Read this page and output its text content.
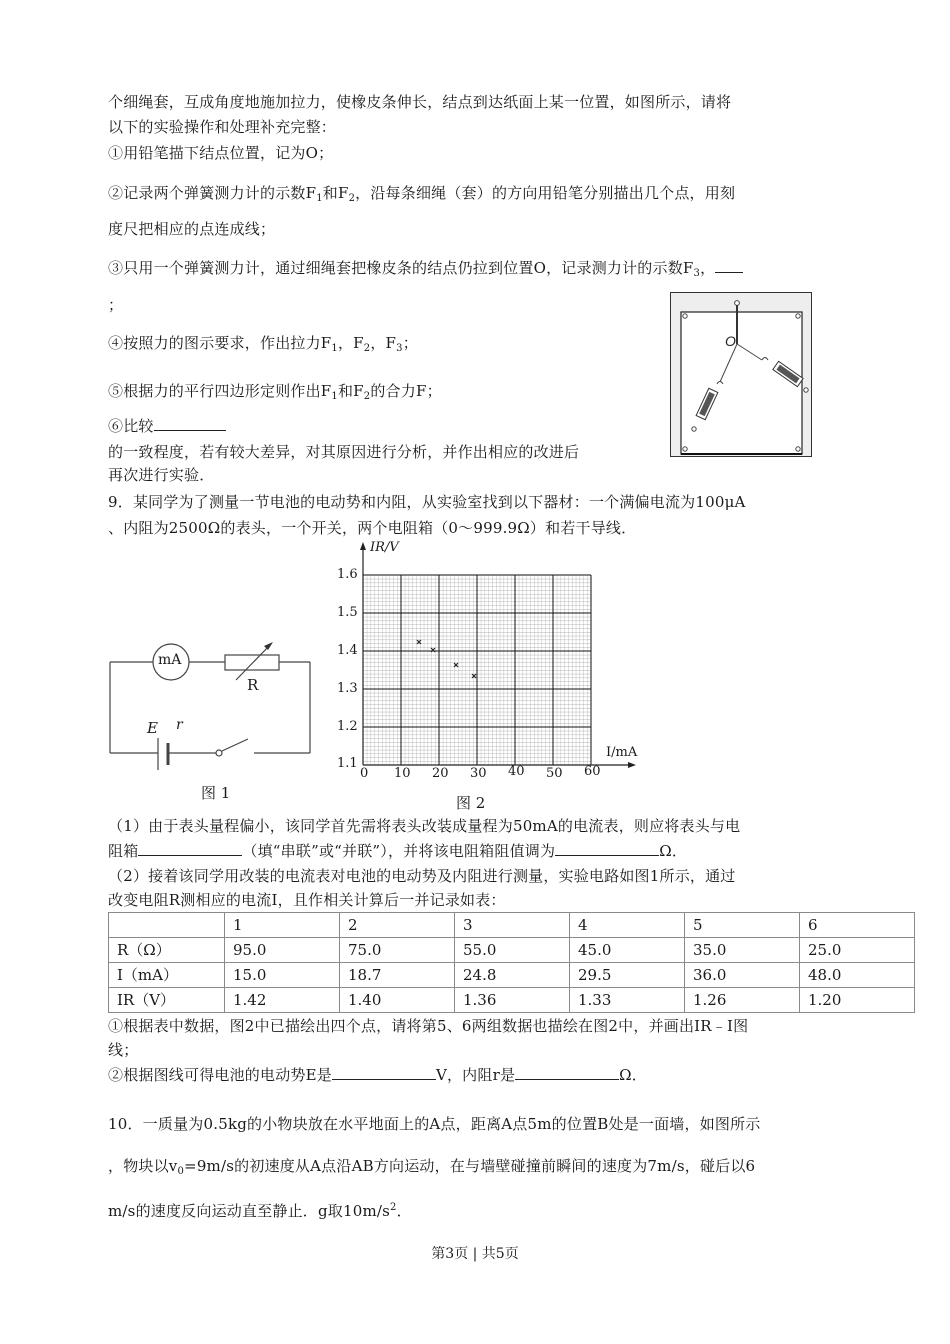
个细绳套，互成角度地施加拉力，使橡皮条伸长，结点到达纸面上某一位置，如图所示，请将
以下的实验操作和处理补充完整：
①用铅笔描下结点位置，记为O；
②记录两个弹簧测力计的示数$F_1$和$F_2$，沿每条细绳（套）的方向用铅笔分别描出几个点，用刻
度尺把相应的点连成线；
③只用一个弹簧测力计，通过细绳套把橡皮条的结点仍拉到位置O，记录测力计的示数$F_3$，
；
④按照力的图示要求，作出拉力$F_1$，$F_2$，$F_3$；
⑤根据力的平行四边形定则作出$F_1$和$F_2$的合力F；
⑥比较
的一致程度，若有较大差异，对其原因进行分析，并作出相应的改进后
再次进行实验．
O
9．某同学为了测量一节电池的电动势和内阻，从实验室找到以下器材：一个满偏电流为100μA
、内阻为2500Ω的表头，一个开关，两个电阻箱（0～999.9Ω）和若干导线．
mA
R
E r
图 1
IR/V
I/mA
1.6
1.5
1.4
1.3
1.2
1.1
0 10 20 30 40 50 60
图 2
（1）由于表头量程偏小，该同学首先需将表头改装成量程为50mA的电流表，则应将表头与电
阻箱	（填“串联”或“并联”），并将该电阻箱阻值调为	Ω．
（2）接着该同学用改装的电流表对电池的电动势及内阻进行测量，实验电路如图1所示，通过
改变电阻R测相应的电流I，且作相关计算后一并记录如表：
	1	2	3	4	5	6
R（Ω）	95.0	75.0	55.0	45.0	35.0	25.0
I（mA）	15.0	18.7	24.8	29.5	36.0	48.0
IR（V）	1.42	1.40	1.36	1.33	1.26	1.20
①根据表中数据，图2中已描绘出四个点，请将第5、6两组数据也描绘在图2中，并画出IR﹣I图
线；
②根据图线可得电池的电动势E是	V，内阻r是	Ω．
10．一质量为0.5kg的小物块放在水平地面上的A点，距离A点5m的位置B处是一面墙，如图所示
，物块以$v_0=9m/s$的初速度从A点沿AB方向运动，在与墙壁碰撞前瞬间的速度为7m/s，碰后以6
m/s的速度反向运动直至静止．g取$10m/s^2$．
第3页 | 共5页
